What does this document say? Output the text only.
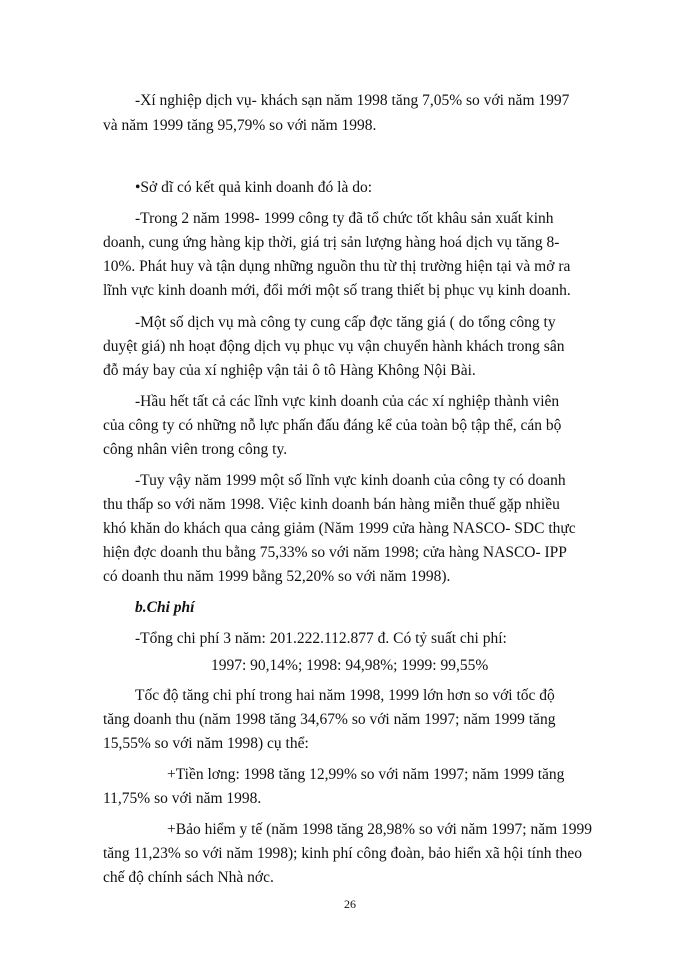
-Xí nghiệp dịch vụ- khách sạn năm 1998 tăng 7,05% so với năm 1997
và năm 1999 tăng 95,79% so với năm 1998.
•Sở dĩ có kết quả kinh doanh đó là do:
-Trong 2 năm 1998- 1999 công ty đã tổ chức tốt khâu sản xuất kinh
doanh, cung ứng hàng kịp thời, giá trị sản lượng hàng hoá dịch vụ tăng 8-
10%. Phát huy và tận dụng những nguồn thu từ thị trường hiện tại và mở ra
lĩnh vực kinh doanh mới, đổi mới một số trang thiết bị phục vụ kinh doanh.
-Một số dịch vụ mà công ty cung cấp đợc tăng giá ( do tổng công ty
duyệt giá) nh hoạt động dịch vụ phục vụ vận chuyển hành khách trong sân
đỗ máy bay của xí nghiệp vận tải ô tô Hàng Không Nội Bài.
-Hầu hết tất cả các lĩnh vực kinh doanh của các xí nghiệp thành viên
của công ty có những nỗ lực phấn đấu đáng kể của toàn bộ tập thể, cán bộ
công nhân viên trong công ty.
-Tuy vậy năm 1999 một số lĩnh vực kinh doanh của công ty có doanh
thu thấp so với năm 1998. Việc kinh doanh bán hàng miễn thuế gặp nhiều
khó khăn do khách qua cảng giảm (Năm 1999 cửa hàng NASCO- SDC thực
hiện đợc doanh thu bằng 75,33% so với năm 1998; cửa hàng NASCO- IPP
có doanh thu năm 1999 bằng 52,20% so với năm 1998).
b.Chi phí
-Tổng chi phí 3 năm: 201.222.112.877 đ. Có tỷ suất chi phí:
1997: 90,14%; 1998: 94,98%; 1999: 99,55%
Tốc độ tăng chi phí trong hai năm 1998, 1999 lớn hơn so với tốc độ
tăng doanh thu (năm 1998 tăng 34,67% so với năm 1997; năm 1999 tăng
15,55% so với năm 1998) cụ thể:
+Tiền lơng: 1998 tăng 12,99% so với năm 1997; năm 1999 tăng
11,75% so với năm 1998.
+Bảo hiểm y tế (năm 1998 tăng 28,98% so với năm 1997; năm 1999
tăng 11,23% so với năm 1998); kinh phí công đoàn, bảo hiển xã hội tính theo
chế độ chính sách Nhà nớc.
26
